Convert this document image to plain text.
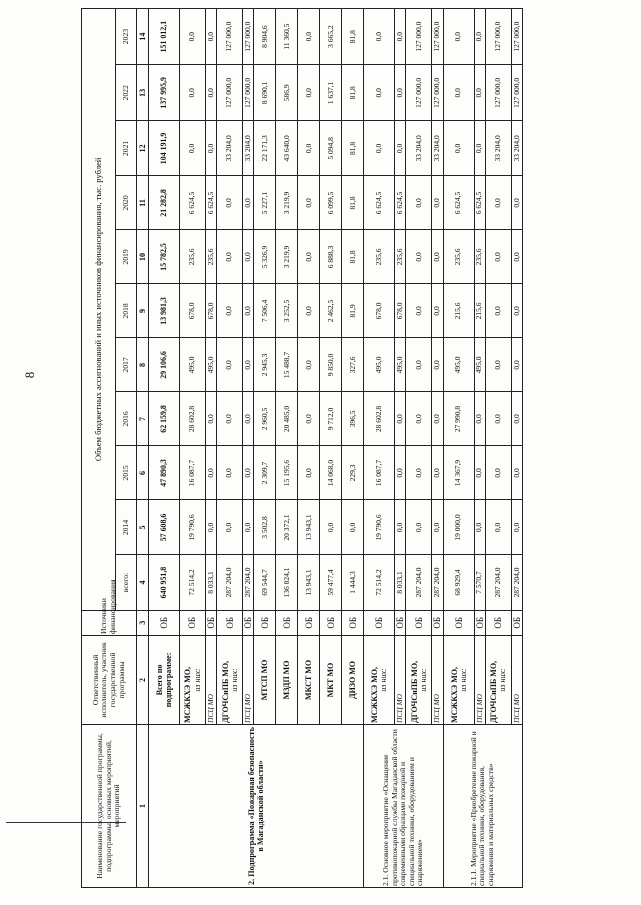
8
Наименование государственной программы, подпрограммы, основных мероприятий, мероприятий	Ответственный исполнитель, участник государственной программы	Источники финансирования	Объем бюджетных ассигнований и иных источников финансирования, тыс. рублей										
			всего:	2014	2015	2016	2017	2018	2019	2020	2021	2022	2023
1	2	3	4	5	6	7	8	9	10	11	12	13	14
2. Подпрограмма «Пожарная безопасность в Магаданской области»	Всего по подпрограмме:	ОБ	640 951,8	57 608,6	47 890,3	62 159,8	29 106,6	13 981,3	15 782,5	21 282,8	104 191,9	137 995,9	151 012,1

	МСЖКХЭ МО, из них:	ОБ	72 514,2	19 790,6	16 087,7	28 602,8	495,0	678,0	235,6	6 624,5	0,0	0,0	0,0

	ПСЦ МО	ОБ	8 033,1	0,0	0,0	0,0	495,0	678,0	235,6	6 624,5	0,0	0,0	0,0

	ДГОЧСиПБ МО, из них:	ОБ	287 204,0	0,0	0,0	0,0	0,0	0,0	0,0	0,0	33 204,0	127 000,0	127 000,0

	ПСЦ МО	ОБ	287 204,0	0,0	0,0	0,0	0,0	0,0	0,0	0,0	33 204,0	127 000,0	127 000,0

	МТСП МО	ОБ	69 544,7	3 502,8	2 309,7	2 960,5	2 945,3	7 506,4	5 326,9	5 227,1	22 171,3	8 690,1	8 904,6

	МЗДП МО	ОБ	136 824,1	20 372,1	15 195,6	20 485,0	15 488,7	3 252,5	3 219,9	3 219,9	43 640,0	586,9	11 360,5

	МКСТ МО	ОБ	13 943,1	13 943,1	0,0	0,0	0,0	0,0	0,0	0,0	0,0	0,0	0,0

	МКТ МО	ОБ	59 477,4	0,0	14 068,0	9 712,0	9 850,0	2 462,5	6 888,3	6 099,5	5 094,8	1 637,1	3 665,2

	ДИЗО МО	ОБ	1 444,3	0,0	229,3	396,5	327,6	81,9	81,8	81,8	81,8	81,8	81,8
2.1. Основное мероприятие «Оснащение противопожарной службы Магаданской области современными образцами пожарной и специальной техники, оборудованием и снаряжением»	МСЖКХЭ МО, из них:	ОБ	72 514,2	19 790,6	16 087,7	28 602,8	495,0	678,0	235,6	6 624,5	0,0	0,0	0,0

	ПСЦ МО	ОБ	8 033,1	0,0	0,0	0,0	495,0	678,0	235,6	6 624,5	0,0	0,0	0,0

	ДГОЧСиПБ МО, из них:	ОБ	287 204,0	0,0	0,0	0,0	0,0	0,0	0,0	0,0	33 204,0	127 000,0	127 000,0

	ПСЦ МО	ОБ	287 204,0	0,0	0,0	0,0	0,0	0,0	0,0	0,0	33 204,0	127 000,0	127 000,0
2.1.1. Мероприятие «Приобретение пожарной и специальной техники, оборудования, снаряжения и материальных средств»	МСЖКХЭ МО, из них:	ОБ	68 929,4	19 000,0	14 367,9	27 990,8	495,0	215,6	235,6	6 624,5	0,0	0,0	0,0

	ПСЦ МО	ОБ	7 570,7	0,0	0,0	0,0	495,0	215,6	235,6	6 624,5	0,0	0,0	0,0

	ДГОЧСиПБ МО, из них:	ОБ	287 204,0	0,0	0,0	0,0	0,0	0,0	0,0	0,0	33 204,0	127 000,0	127 000,0

	ПСЦ МО	ОБ	287 204,0	0,0	0,0	0,0	0,0	0,0	0,0	0,0	33 204,0	127 000,0	127 000,0
